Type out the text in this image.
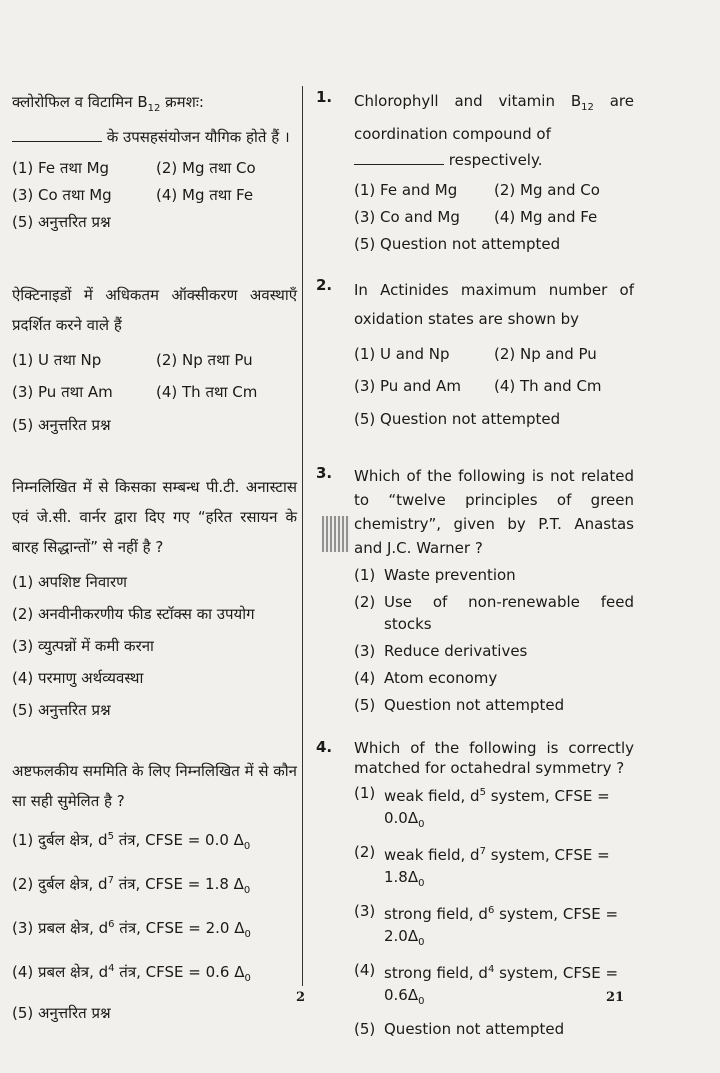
क्लोरोफिल व विटामिन $B_{12}$ क्रमशः:
के उपसहसंयोजन यौगिक होते हैं ।
(1) Fe तथा Mg	(2) Mg तथा Co
(3) Co तथा Mg	(4) Mg तथा Fe
(5) अनुत्तरित प्रश्न
ऐक्टिनाइडों में अधिकतम ऑक्सीकरण अवस्थाएँ प्रदर्शित करने वाले हैं
(1) U तथा Np	(2) Np तथा Pu
(3) Pu तथा Am	(4) Th तथा Cm
(5) अनुत्तरित प्रश्न
निम्नलिखित में से किसका सम्बन्ध पी.टी. अनास्टास एवं जे.सी. वार्नर द्वारा दिए गए “हरित रसायन के बारह सिद्धान्तों” से नहीं है ?
(1) अपशिष्ट निवारण
(2) अनवीनीकरणीय फीड स्टॉक्स का उपयोग
(3) व्युत्पन्नों में कमी करना
(4) परमाणु अर्थव्यवस्था
(5) अनुत्तरित प्रश्न
अष्टफलकीय सममिति के लिए निम्नलिखित में से कौन सा सही सुमेलित है ?
(1) दुर्बल क्षेत्र, $d^5$ तंत्र, CFSE = 0.0 $\Delta_0$
(2) दुर्बल क्षेत्र, $d^7$ तंत्र, CFSE = 1.8 $\Delta_0$
(3) प्रबल क्षेत्र, $d^6$ तंत्र, CFSE = 2.0 $\Delta_0$
(4) प्रबल क्षेत्र, $d^4$ तंत्र, CFSE = 0.6 $\Delta_0$
(5) अनुत्तरित प्रश्न
1. Chlorophyll and vitamin $B_{12}$ are coordination compound of
respectively.
(1) Fe and Mg	(2) Mg and Co
(3) Co and Mg	(4) Mg and Fe
(5) Question not attempted
2. In Actinides maximum number of oxidation states are shown by
(1) U and Np	(2) Np and Pu
(3) Pu and Am	(4) Th and Cm
(5) Question not attempted
3. Which of the following is not related to “twelve principles of green chemistry”, given by P.T. Anastas and J.C. Warner ?
(1) Waste prevention
(2) Use of non-renewable feed stocks
(3) Reduce derivatives
(4) Atom economy
(5) Question not attempted
4. Which of the following is correctly matched for octahedral symmetry ?
(1) weak field, $d^5$ system, CFSE =
$0.0\Delta_0$
(2) weak field, $d^7$ system, CFSE =
$1.8\Delta_0$
(3) strong field, $d^6$ system, CFSE =
$2.0\Delta_0$
(4) strong field, $d^4$ system, CFSE =
$0.6\Delta_0$
(5) Question not attempted
2	21
